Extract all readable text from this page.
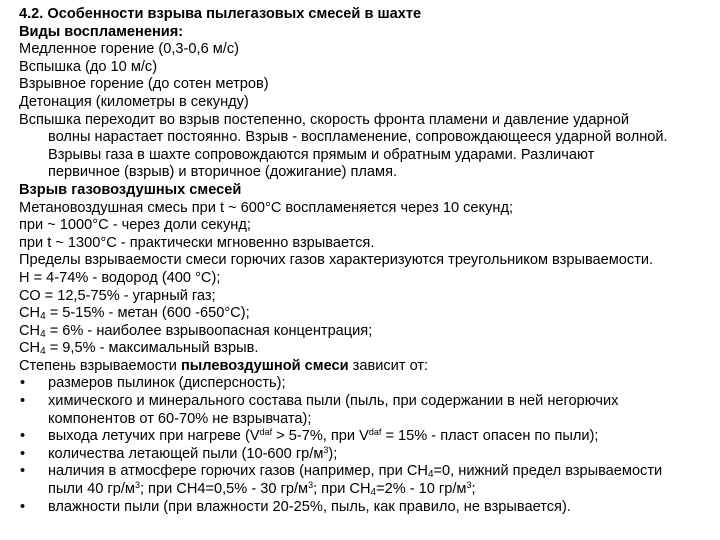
4.2. Особенности взрыва пылегазовых смесей в шахте
Виды воспламенения:
Медленное горение (0,3-0,6 м/с)
Вспышка (до 10 м/с)
Взрывное горение (до сотен метров)
Детонация (километры в секунду)
Вспышка переходит во взрыв постепенно, скорость фронта пламени и давление ударной
волны нарастает постоянно. Взрыв - воспламенение, сопровождающееся ударной волной.
Взрывы газа в шахте сопровождаются прямым и обратным ударами. Различают
первичное (взрыв) и вторичное (дожигание) пламя.
Взрыв газовоздушных смесей
Метановоздушная смесь при t ~ 600°С воспламеняется через 10 секунд;
при ~ 1000°С - через доли секунд;
при t ~ 1300°С - практически мгновенно взрывается.
Пределы взрываемости смеси горючих газов характеризуются треугольником взрываемости.
Н = 4-74% - водород (400 °С);
СО = 12,5-75% - угарный газ;
$СН_4 = 5-15\%$ - метан (600 -650°С);
$СН_4 = 6\%$ - наиболее взрывоопасная концентрация;
$СН_4 = 9,5\%$ - максимальный взрыв.
Степень взрываемости пылевоздушной смеси зависит от:
• размеров пылинок (дисперсность);
• химического и минерального состава пыли (пыль, при содержании в ней негорючих
компонентов от 60-70% не взрывчата);
• выхода летучих при нагреве ($V^{daf} > 5-7\%$, при $V^{daf} = 15\%$ - пласт опасен по пыли);
• количества летающей пыли (10-600 $гр/м^3$);
• наличия в атмосфере горючих газов (например, при $СН_4=0$, нижний предел взрываемости
пыли 40 $гр/м^3$; при СН4=0,5% - 30 $гр/м^3$; при $СН_4=2\% - 10$ $гр/м^3$;
• влажности пыли (при влажности 20-25%, пыль, как правило, не взрывается).
